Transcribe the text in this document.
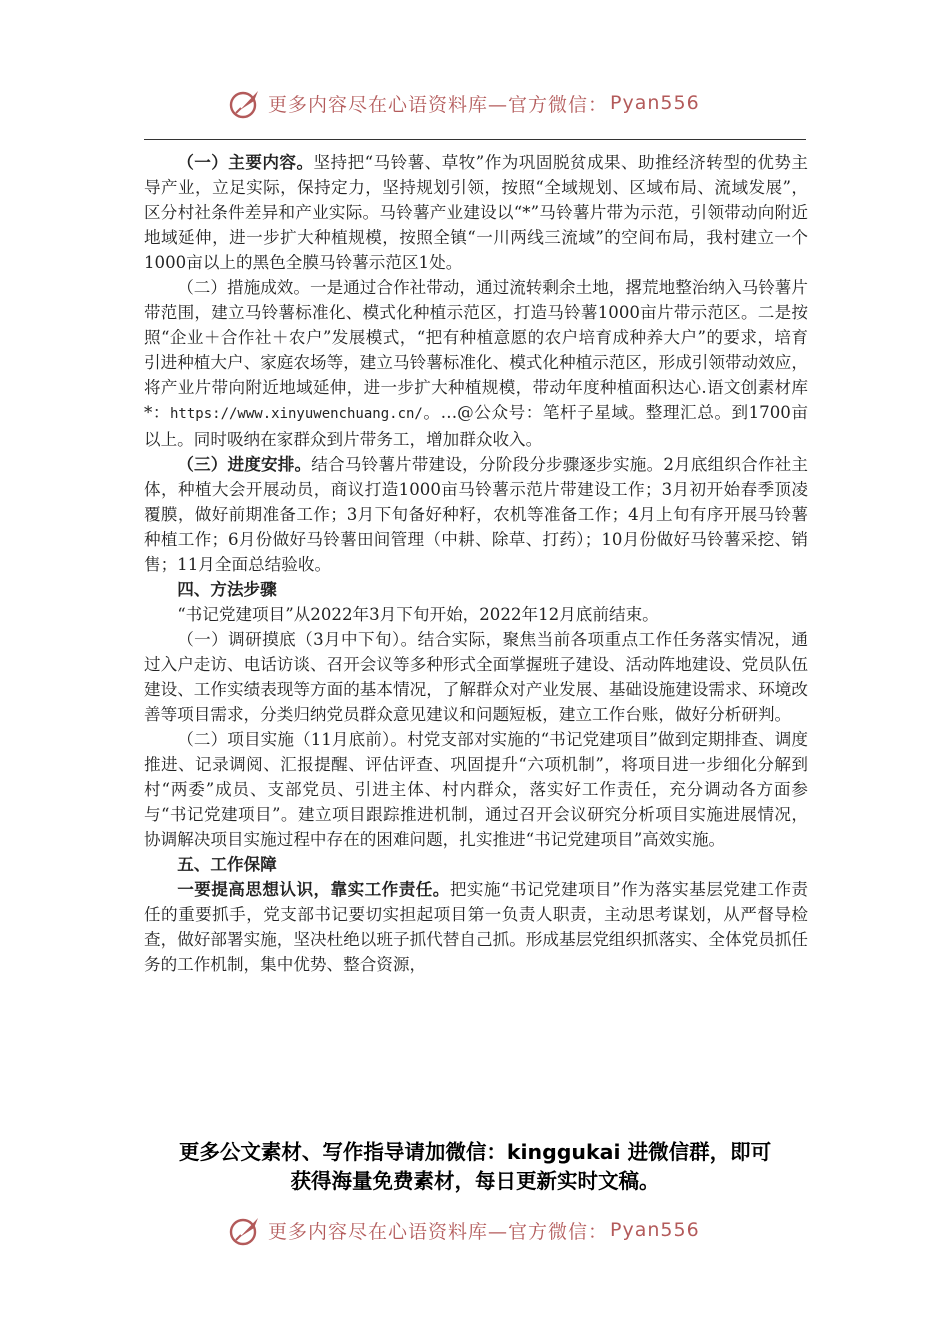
更多内容尽在心语资料库—官方微信： Pyan556

（一）主要内容。坚持把“马铃薯、草牧”作为巩固脱贫成果、助推经济转型的优势主导产业，立足实际，保持定力，坚持规划引领，按照“全域规划、区域布局、流域发展”，区分村社条件差异和产业实际。马铃薯产业建设以“*”马铃薯片带为示范，引领带动向附近地域延伸，进一步扩大种植规模，按照全镇“一川两线三流域”的空间布局，我村建立一个1000亩以上的黑色全膜马铃薯示范区1处。

（二）措施成效。一是通过合作社带动，通过流转剩余土地，撂荒地整治纳入马铃薯片带范围，建立马铃薯标准化、模式化种植示范区，打造马铃薯1000亩片带示范区。二是按照“企业＋合作社＋农户”发展模式，“把有种植意愿的农户培育成种养大户”的要求，培育引进种植大户、家庭农场等，建立马铃薯标准化、模式化种植示范区，形成引领带动效应，将产业片带向附近地域延伸，进一步扩大种植规模，带动年度种植面积达心.语文创素材库*：https://www.xinyuwenchuang.cn/。…@公众号：笔杆子星域。整理汇总。到1700亩以上。同时吸纳在家群众到片带务工，增加群众收入。

（三）进度安排。结合马铃薯片带建设，分阶段分步骤逐步实施。2月底组织合作社主体，种植大会开展动员，商议打造1000亩马铃薯示范片带建设工作；3月初开始春季顶凌覆膜，做好前期准备工作；3月下旬备好种籽，农机等准备工作；4月上旬有序开展马铃薯种植工作；6月份做好马铃薯田间管理（中耕、除草、打药）；10月份做好马铃薯采挖、销售；11月全面总结验收。

四、方法步骤

“书记党建项目”从2022年3月下旬开始，2022年12月底前结束。

（一）调研摸底（3月中下旬）。结合实际，聚焦当前各项重点工作任务落实情况，通过入户走访、电话访谈、召开会议等多种形式全面掌握班子建设、活动阵地建设、党员队伍建设、工作实绩表现等方面的基本情况，了解群众对产业发展、基础设施建设需求、环境改善等项目需求，分类归纳党员群众意见建议和问题短板，建立工作台账，做好分析研判。

（二）项目实施（11月底前）。村党支部对实施的“书记党建项目”做到定期排查、调度推进、记录调阅、汇报提醒、评估评查、巩固提升“六项机制”，将项目进一步细化分解到村“两委”成员、支部党员、引进主体、村内群众，落实好工作责任，充分调动各方面参与“书记党建项目”。建立项目跟踪推进机制，通过召开会议研究分析项目实施进展情况，协调解决项目实施过程中存在的困难问题，扎实推进“书记党建项目”高效实施。

五、工作保障

一要提高思想认识，靠实工作责任。把实施“书记党建项目”作为落实基层党建工作责任的重要抓手，党支部书记要切实担起项目第一负责人职责，主动思考谋划，从严督导检查，做好部署实施，坚决杜绝以班子抓代替自己抓。形成基层党组织抓落实、全体党员抓任务的工作机制，集中优势、整合资源，

更多公文素材、写作指导请加微信：kinggukai 进微信群，即可
获得海量免费素材，每日更新实时文稿。
更多内容尽在心语资料库—官方微信： Pyan556
